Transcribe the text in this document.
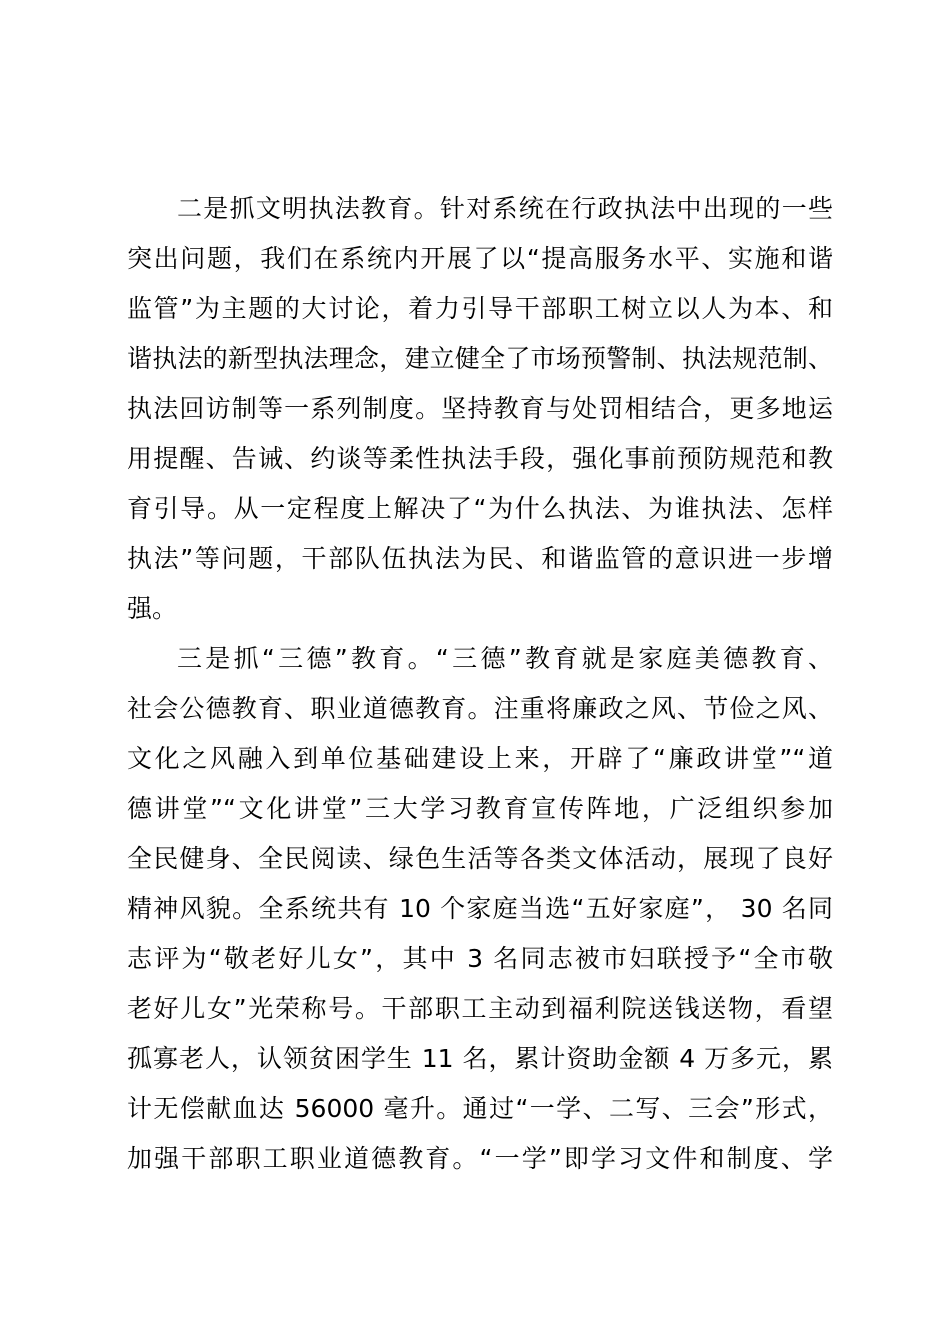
二是抓文明执法教育。针对系统在行政执法中出现的一些
突出问题，我们在系统内开展了以“提高服务水平、实施和谐
监管”为主题的大讨论，着力引导干部职工树立以人为本、和
谐执法的新型执法理念，建立健全了市场预警制、执法规范制、
执法回访制等一系列制度。坚持教育与处罚相结合，更多地运
用提醒、告诫、约谈等柔性执法手段，强化事前预防规范和教
育引导。从一定程度上解决了“为什么执法、为谁执法、怎样
执法”等问题，干部队伍执法为民、和谐监管的意识进一步增
强。

三是抓“三德”教育。“三德”教育就是家庭美德教育、
社会公德教育、职业道德教育。注重将廉政之风、节俭之风、
文化之风融入到单位基础建设上来，开辟了“廉政讲堂”“道
德讲堂”“文化讲堂”三大学习教育宣传阵地，广泛组织参加
全民健身、全民阅读、绿色生活等各类文体活动，展现了良好
精神风貌。全系统共有 10 个家庭当选“五好家庭”， 30 名同
志评为“敬老好儿女”，其中 3 名同志被市妇联授予“全市敬
老好儿女”光荣称号。干部职工主动到福利院送钱送物，看望
孤寡老人，认领贫困学生 11 名，累计资助金额 4 万多元，累
计无偿献血达 56000 毫升。通过“一学、二写、三会”形式，
加强干部职工职业道德教育。“一学”即学习文件和制度、学
